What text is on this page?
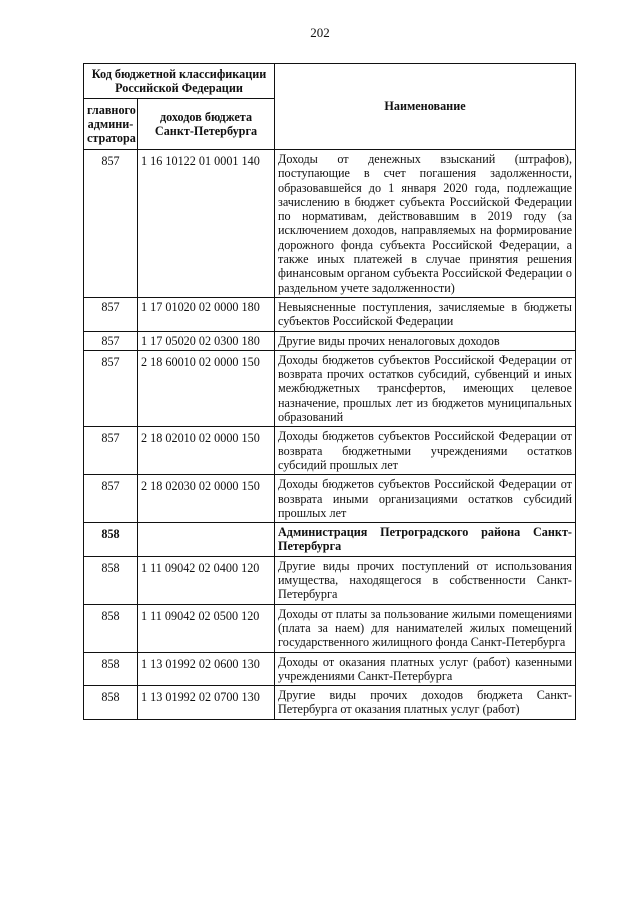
202
Код бюджетной классификации Российской Федерации		Наименование
главного админи-стратора	доходов бюджета Санкт-Петербурга	
857	1 16 10122 01 0001 140	Доходы от денежных взысканий (штрафов), поступающие в счет погашения задолженности, образовавшейся до 1 января 2020 года, подлежащие зачислению в бюджет субъекта Российской Федерации по нормативам, действовавшим в 2019 году (за исключением доходов, направляемых на формирование дорожного фонда субъекта Российской Федерации, а также иных платежей в случае принятия решения финансовым органом субъекта Российской Федерации о раздельном учете задолженности)
857	1 17 01020 02 0000 180	Невыясненные поступления, зачисляемые в бюджеты субъектов Российской Федерации
857	1 17 05020 02 0300 180	Другие виды прочих неналоговых доходов
857	2 18 60010 02 0000 150	Доходы бюджетов субъектов Российской Федерации от возврата прочих остатков субсидий, субвенций и иных межбюджетных трансфертов, имеющих целевое назначение, прошлых лет из бюджетов муниципальных образований
857	2 18 02010 02 0000 150	Доходы бюджетов субъектов Российской Федерации от возврата бюджетными учреждениями остатков субсидий прошлых лет
857	2 18 02030 02 0000 150	Доходы бюджетов субъектов Российской Федерации от возврата иными организациями остатков субсидий прошлых лет
858		Администрация Петроградского района Санкт-Петербурга
858	1 11 09042 02 0400 120	Другие виды прочих поступлений от использования имущества, находящегося в собственности Санкт-Петербурга
858	1 11 09042 02 0500 120	Доходы от платы за пользование жилыми помещениями (плата за наем) для нанимателей жилых помещений государственного жилищного фонда Санкт-Петербурга
858	1 13 01992 02 0600 130	Доходы от оказания платных услуг (работ) казенными учреждениями Санкт-Петербурга
858	1 13 01992 02 0700 130	Другие виды прочих доходов бюджета Санкт-Петербурга от оказания платных услуг (работ)
